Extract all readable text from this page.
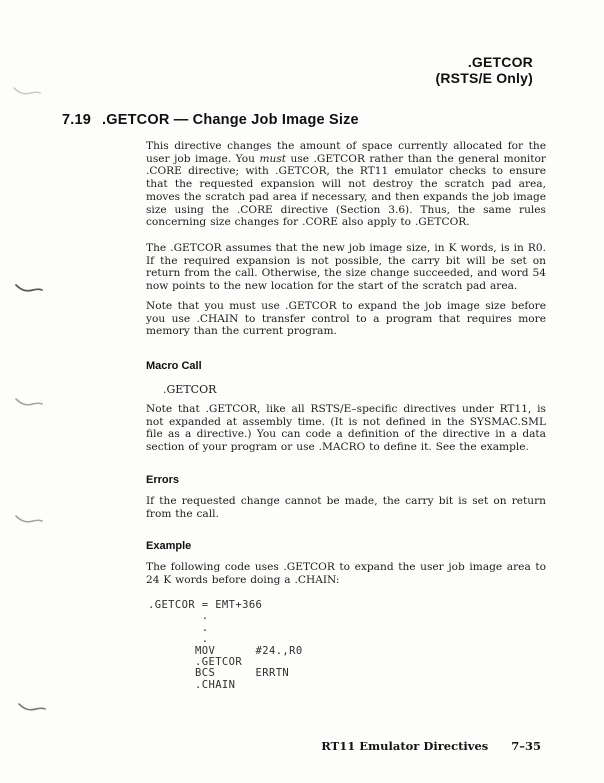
.GETCOR
(RSTS/E Only)
7.19 .GETCOR — Change Job Image Size

This directive changes the amount of space currently allocated for the user job image. You must use .GETCOR rather than the general monitor .CORE directive; with .GETCOR, the RT11 emulator checks to ensure that the requested expansion will not destroy the scratch pad area, moves the scratch pad area if necessary, and then expands the job image size using the .CORE directive (Section 3.6). Thus, the same rules concerning size changes for .CORE also apply to .GETCOR.

The .GETCOR assumes that the new job image size, in K words, is in R0. If the required expansion is not possible, the carry bit will be set on return from the call. Otherwise, the size change succeeded, and word 54 now points to the new location for the start of the scratch pad area.

Note that you must use .GETCOR to expand the job image size before you use .CHAIN to transfer control to a program that requires more memory than the current program.

Macro Call
.GETCOR

Note that .GETCOR, like all RSTS/E–specific directives under RT11, is not expanded at assembly time. (It is not defined in the SYSMAC.SML file as a directive.) You can code a definition of the directive in a data section of your program or use .MACRO to define it. See the example.

Errors

If the requested change cannot be made, the carry bit is set on return from the call.

Example

The following code uses .GETCOR to expand the user job image area to 24 K words before doing a .CHAIN:

.GETCOR = EMT+366
.
.
.
MOV      #24.,R0
.GETCOR
BCS      ERRTN
.CHAIN
RT11 Emulator Directives 7–35
